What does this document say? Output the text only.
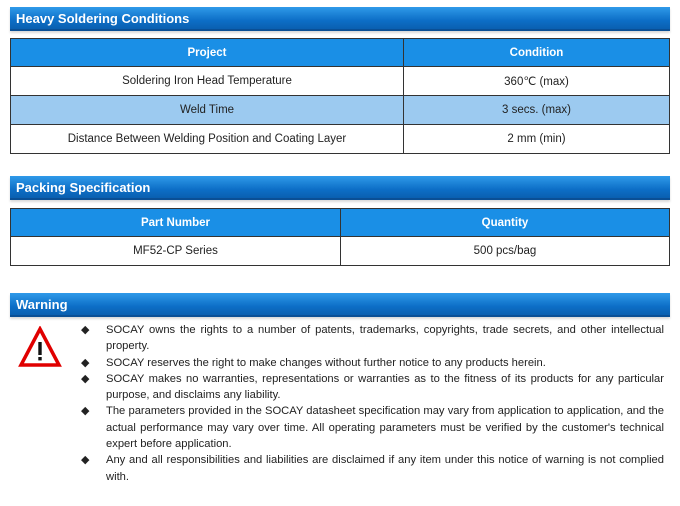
Heavy Soldering Conditions
Project	Condition
Soldering Iron Head Temperature	360℃ (max)
Weld Time	3 secs. (max)
Distance Between Welding Position and Coating Layer	2 mm (min)
Packing Specification
Part Number	Quantity
MF52-CP Series	500 pcs/bag
Warning
◆	SOCAY owns the rights to a number of patents, trademarks, copyrights, trade secrets, and other intellectual property.
◆	SOCAY reserves the right to make changes without further notice to any products herein.
◆	SOCAY makes no warranties, representations or warranties as to the fitness of its products for any particular purpose, and disclaims any liability.
◆	The parameters provided in the SOCAY datasheet specification may vary from application to application, and the actual performance may vary over time. All operating parameters must be verified by the customer's technical expert before application.
◆	Any and all responsibilities and liabilities are disclaimed if any item under this notice of warning is not complied with.
